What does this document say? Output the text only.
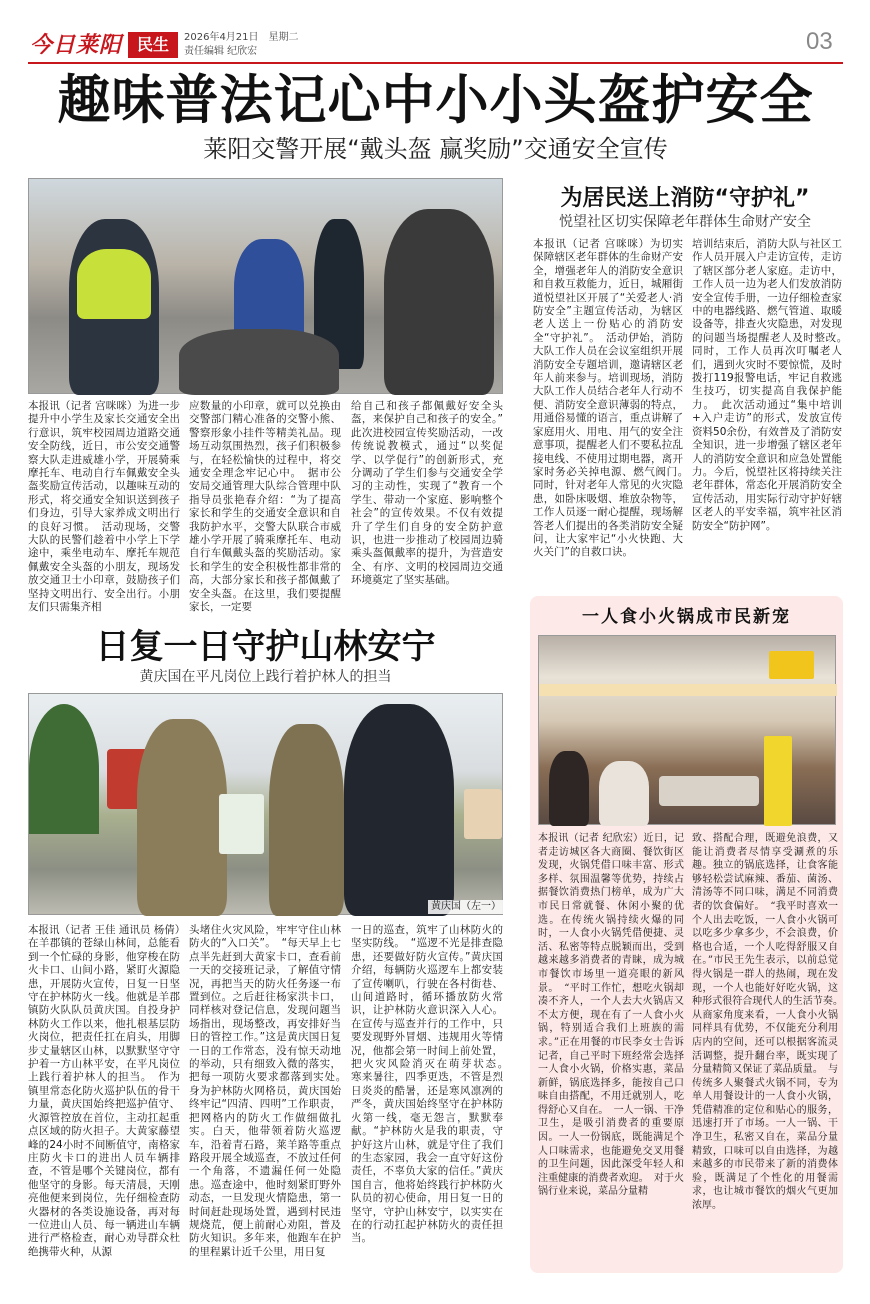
今日莱阳 民生	2026年4月21日　星期二
责任编辑 纪欣宏	03
趣味普法记心中小小头盔护安全
莱阳交警开展“戴头盔 赢奖励”交通安全宣传
本报讯（记者 宫咪咪）为进一步提升中小学生及家长交通安全出行意识，筑牢校园周边道路交通安全防线，近日，市公安交通警察大队走进威雄小学，开展骑乘摩托车、电动自行车佩戴安全头盔奖励宣传活动，以趣味互动的形式，将交通安全知识送到孩子们身边，引导大家养成文明出行的良好习惯。　活动现场，交警大队的民警们趁着中小学上下学途中，乘坐电动车、摩托车规范佩戴安全头盔的小朋友，现场发放交通卫士小印章，鼓励孩子们坚持文明出行、安全出行。小朋友们只需集齐相
应数量的小印章，就可以兑换由交警部门精心准备的交警小熊、警察形象小挂件等精美礼品。现场互动氛围热烈，孩子们积极参与，在轻松愉快的过程中，将交通安全理念牢记心中。　据市公安局交通管理大队综合管理中队指导员张艳春介绍：“为了提高家长和学生的交通安全意识和自我防护水平，交警大队联合市威雄小学开展了骑乘摩托车、电动自行车佩戴头盔的奖励活动。家长和学生的安全积极性都非常的高，大部分家长和孩子都佩戴了安全头盔。在这里，我们要提醒家长，一定要
给自己和孩子都佩戴好安全头盔，来保护自己和孩子的安全。”　此次进校园宣传奖励活动，一改传统说教模式，通过“以奖促学、以学促行”的创新形式，充分调动了学生们参与交通安全学习的主动性，实现了“教育一个学生、带动一个家庭、影响整个社会”的宣传效果。不仅有效提升了学生们自身的安全防护意识，也进一步推动了校园周边骑乘头盔佩戴率的提升，为营造安全、有序、文明的校园周边交通环境奠定了坚实基础。
为居民送上消防“守护礼”
悦望社区切实保障老年群体生命财产安全
本报讯（记者 宫咪咪）为切实保障辖区老年群体的生命财产安全，增强老年人的消防安全意识和自救互救能力，近日，城厢街道悦望社区开展了“关爱老人·消防安全”主题宣传活动，为辖区老人送上一份贴心的消防安全“守护礼”。　活动伊始，消防大队工作人员在会议室组织开展消防安全专题培训，邀请辖区老年人前来参与。培训现场，消防大队工作人员结合老年人行动不便、消防安全意识薄弱的特点，用通俗易懂的语言，重点讲解了家庭用火、用电、用气的安全注意事项，提醒老人们不要私拉乱接电线、不使用过期电器，离开家时务必关掉电源、燃气阀门。　同时，针对老年人常见的火灾隐患，如卧床吸烟、堆放杂物等，工作人员逐一耐心提醒，现场解答老人们提出的各类消防安全疑问，让大家牢记“小火快跑、大火关门”的自救口诀。
培训结束后，消防大队与社区工作人员开展入户走访宣传，走访了辖区部分老人家庭。走访中，工作人员一边为老人们发放消防安全宣传手册，一边仔细检查家中的电器线路、燃气管道、取暖设备等，排查火灾隐患，对发现的问题当场提醒老人及时整改。　同时，工作人员再次叮嘱老人们，遇到火灾时不要惊慌，及时拨打119报警电话，牢记自救逃生技巧，切实提高自我保护能力。　此次活动通过“集中培训+入户走访”的形式，发放宣传资料50余份，有效普及了消防安全知识，进一步增强了辖区老年人的消防安全意识和应急处置能力。今后，悦望社区将持续关注老年群体，常态化开展消防安全宣传活动，用实际行动守护好辖区老人的平安幸福，筑牢社区消防安全“防护网”。
日复一日守护山林安宁
黄庆国在平凡岗位上践行着护林人的担当
黄庆国（左一）
本报讯（记者 王佳 通讯员 杨倩）在羊郡镇的苍绿山林间，总能看到一个忙碌的身影，他穿梭在防火卡口、山间小路，紧盯火源隐患，开展防火宣传，日复一日坚守在护林防火一线。他就是羊郡镇防火队队员黄庆国。自投身护林防火工作以来，他扎根基层防火岗位，把责任扛在肩头，用脚步丈量辖区山林，以默默坚守守护着一方山林平安，在平凡岗位上践行着护林人的担当。　作为镇里常态化防火巡护队伍的骨干力量，黄庆国始终把巡护值守、火源管控放在首位，主动扛起重点区域的防火担子。大黄家藤望峰的24小时不间断值守，南格家庄防火卡口的进出人员车辆排查，不管是哪个关键岗位，都有他坚守的身影。每天清晨，天刚亮他便来到岗位，先仔细检查防火器材的各类设施设备，再对每一位进山人员、每一辆进山车辆进行严格检查，耐心劝导群众杜绝携带火种，从源
头堵住火灾风险，牢牢守住山林防火的“入口关”。　“每天早上七点半先赶到大黄家卡口，查看前一天的交接班记录，了解值守情况，再把当天的防火任务逐一布置到位。之后赶往杨家洪卡口，同样核对登记信息，发现问题当场指出，现场整改，再安排好当日的管控工作。”这是黄庆国日复一日的工作常态，没有惊天动地的举动，只有细致入微的落实，把每一项防火要求都落到实处。　身为护林防火网格员，黄庆国始终牢记“四清、四明”工作职责，把网格内的防火工作做细做扎实。白天，他带领着防火巡逻车，沿着青石路，莱羊路等重点路段开展全域巡查，不放过任何一个角落，不遗漏任何一处隐患。巡查途中，他时刻紧盯野外动态，一旦发现火情隐患，第一时间赶赴现场处置，遇到村民违规烧荒，便上前耐心劝阻，普及防火知识。多年来，他跑车在护的里程累计近千公里，用日复
一日的巡查，筑牢了山林防火的坚实防线。　“巡逻不光是排查隐患，还要做好防火宣传。”黄庆国介绍，每辆防火巡逻车上都安装了宣传喇叭，行驶在各村街巷、山间道路时，循环播放防火常识，让护林防火意识深入人心。在宣传与巡查并行的工作中，只要发现野外冒烟、违规用火等情况，他都会第一时间上前处置，把火灾风险消灭在萌芽状态。　寒来暑往，四季更迭，不管是烈日炎炎的酷暑，还是寒风凛冽的严冬，黄庆国始终坚守在护林防火第一线，毫无怨言，默默奉献。“护林防火是我的职责，守护好这片山林，就是守住了我们的生态家园，我会一直守好这份责任，不辜负大家的信任。”黄庆国自言，他将始终践行护林防火队员的初心使命，用日复一日的坚守，守护山林安宁，以实实在在的行动扛起护林防火的责任担当。
一人食小火锅成市民新宠
本报讯（记者 纪欣宏）近日，记者走访城区各大商圈、餐饮街区发现，火锅凭借口味丰富、形式多样、氛围温馨等优势，持续占据餐饮消费热门榜单，成为广大市民日常就餐、休闲小聚的优选。在传统火锅持续火爆的同时，一人食小火锅凭借便捷、灵活、私密等特点脱颖而出，受到越来越多消费者的青睐，成为城市餐饮市场里一道亮眼的新风景。　“平时工作忙，想吃火锅却凑不齐人，一个人去大火锅店又不太方便，现在有了一人食小火锅，特别适合我们上班族的需求。”正在用餐的市民李女士告诉记者，自己平时下班经常会选择一人食小火锅，价格实惠，菜品新鲜，锅底选择多，能按自己口味自由搭配，不用迁就别人，吃得舒心又自在。　一人一锅、干净卫生，是吸引消费者的重要原因。一人一份锅底，既能满足个人口味需求，也能避免交叉用餐的卫生问题，因此深受年轻人和注重健康的消费者欢迎。　对于火锅行业来说，菜品分量精
致、搭配合理，既避免浪费，又能让消费者尽情享受涮煮的乐趣。独立的锅底选择，让食客能够轻松尝试麻辣、番茄、菌汤、清汤等不同口味，满足不同消费者的饮食偏好。　“我平时喜欢一个人出去吃饭，一人食小火锅可以吃多少拿多少，不会浪费，价格也合适，一个人吃得舒服又自在。”市民王先生表示，以前总觉得火锅是一群人的热闹，现在发现，一个人也能好好吃火锅，这种形式很符合现代人的生活节奏。　从商家角度来看，一人食小火锅同样具有优势，不仅能充分利用店内的空间，还可以根据客流灵活调整，提升翻台率，既实现了分量精简又保证了菜品质量。　与传统多人聚餐式火锅不同，专为单人用餐设计的一人食小火锅，凭借精准的定位和贴心的服务，迅速打开了市场。一人一锅、干净卫生，私密又自在，菜品分量精致，口味可以自由选择，为越来越多的市民带来了新的消费体验，既满足了个性化的用餐需求，也让城市餐饮的烟火气更加浓厚。
